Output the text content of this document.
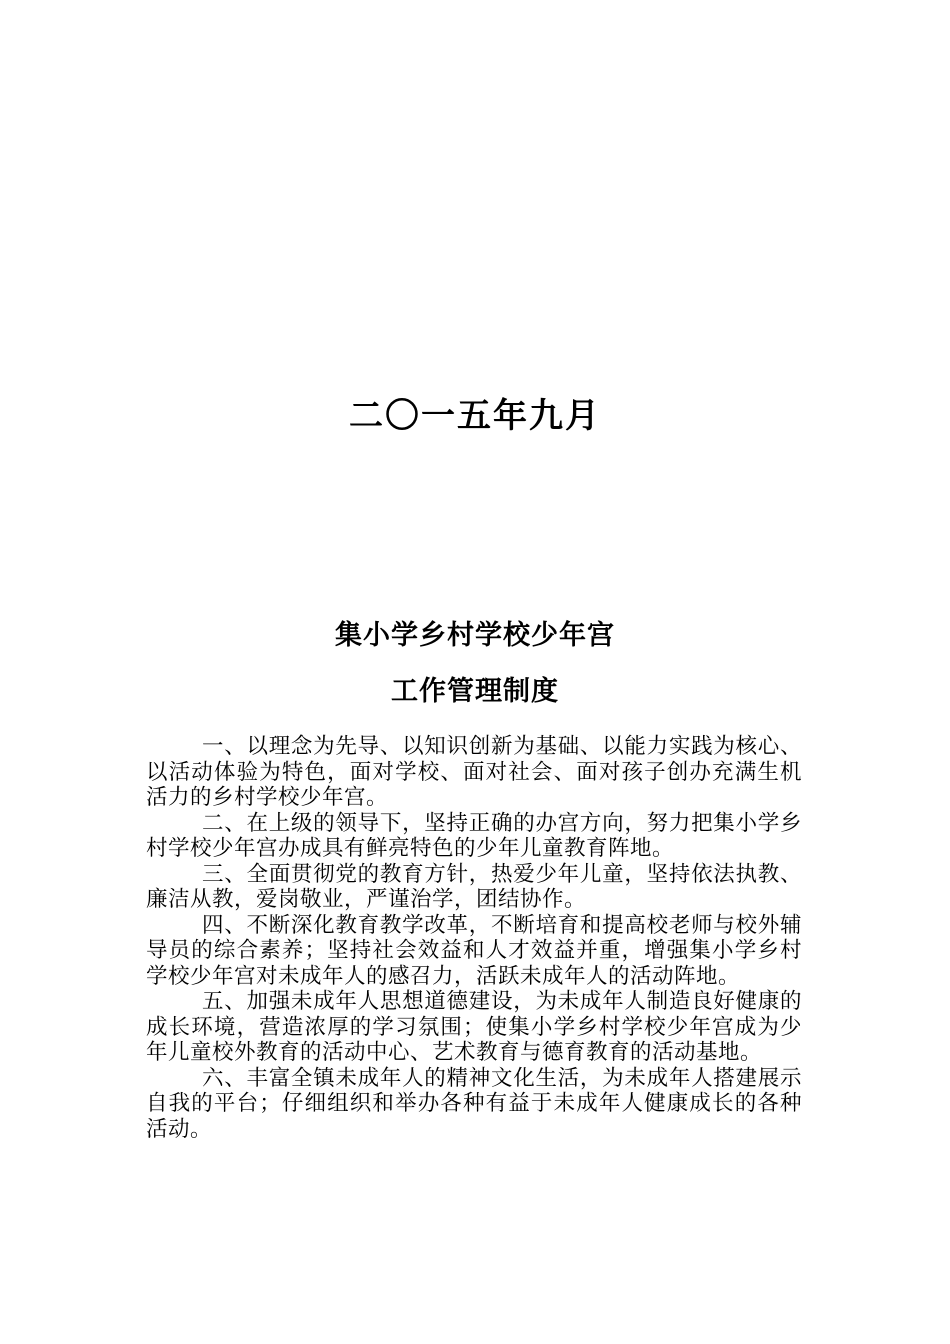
二〇一五年九月
集小学乡村学校少年宫
工作管理制度

一、以理念为先导、以知识创新为基础、以能力实践为核心、以活动体验为特色，面对学校、面对社会、面对孩子创办充满生机活力的乡村学校少年宫。

二、在上级的领导下，坚持正确的办宫方向，努力把集小学乡村学校少年宫办成具有鲜亮特色的少年儿童教育阵地。

三、全面贯彻党的教育方针，热爱少年儿童，坚持依法执教、廉洁从教，爱岗敬业，严谨治学，团结协作。

四、不断深化教育教学改革，不断培育和提高校老师与校外辅导员的综合素养；坚持社会效益和人才效益并重，增强集小学乡村学校少年宫对未成年人的感召力，活跃未成年人的活动阵地。

五、加强未成年人思想道德建设，为未成年人制造良好健康的成长环境，营造浓厚的学习氛围；使集小学乡村学校少年宫成为少年儿童校外教育的活动中心、艺术教育与德育教育的活动基地。

六、丰富全镇未成年人的精神文化生活，为未成年人搭建展示自我的平台；仔细组织和举办各种有益于未成年人健康成长的各种活动。
